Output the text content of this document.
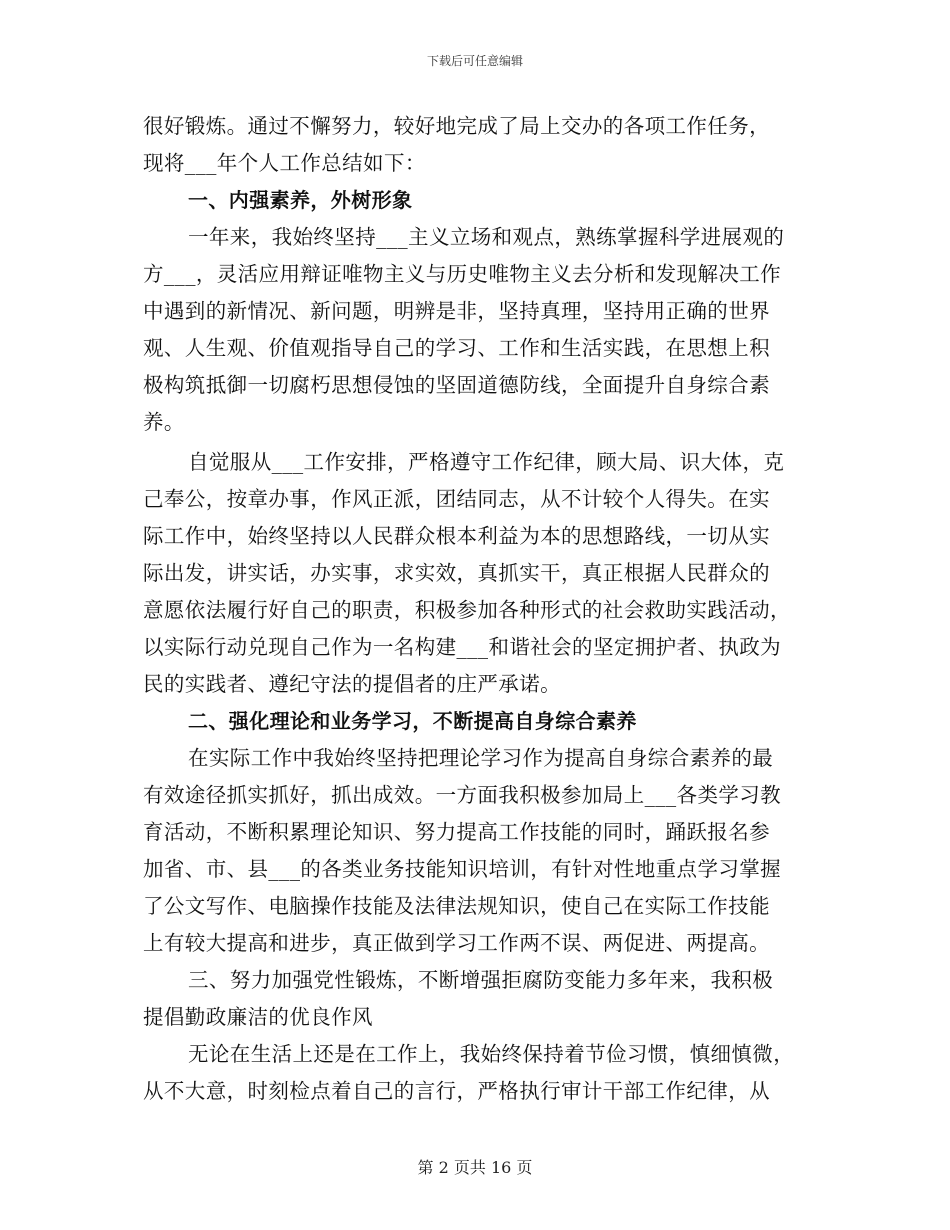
下载后可任意编辑
很好锻炼。通过不懈努力，较好地完成了局上交办的各项工作任务，
现将___年个人工作总结如下：
一、内强素养，外树形象
一年来，我始终坚持___主义立场和观点，熟练掌握科学进展观的
方___，灵活应用辩证唯物主义与历史唯物主义去分析和发现解决工作
中遇到的新情况、新问题，明辨是非，坚持真理，坚持用正确的世界
观、人生观、价值观指导自己的学习、工作和生活实践，在思想上积
极构筑抵御一切腐朽思想侵蚀的坚固道德防线，全面提升自身综合素
养。
自觉服从___工作安排，严格遵守工作纪律，顾大局、识大体，克
己奉公，按章办事，作风正派，团结同志，从不计较个人得失。在实
际工作中，始终坚持以人民群众根本利益为本的思想路线，一切从实
际出发，讲实话，办实事，求实效，真抓实干，真正根据人民群众的
意愿依法履行好自己的职责，积极参加各种形式的社会救助实践活动，
以实际行动兑现自己作为一名构建___和谐社会的坚定拥护者、执政为
民的实践者、遵纪守法的提倡者的庄严承诺。
二、强化理论和业务学习，不断提高自身综合素养
在实际工作中我始终坚持把理论学习作为提高自身综合素养的最
有效途径抓实抓好，抓出成效。一方面我积极参加局上___各类学习教
育活动，不断积累理论知识、努力提高工作技能的同时，踊跃报名参
加省、市、县___的各类业务技能知识培训，有针对性地重点学习掌握
了公文写作、电脑操作技能及法律法规知识，使自己在实际工作技能
上有较大提高和进步，真正做到学习工作两不误、两促进、两提高。
三、努力加强党性锻炼，不断增强拒腐防变能力多年来，我积极
提倡勤政廉洁的优良作风
无论在生活上还是在工作上，我始终保持着节俭习惯，慎细慎微，
从不大意，时刻检点着自己的言行，严格执行审计干部工作纪律，从
第 2 页共 16 页
